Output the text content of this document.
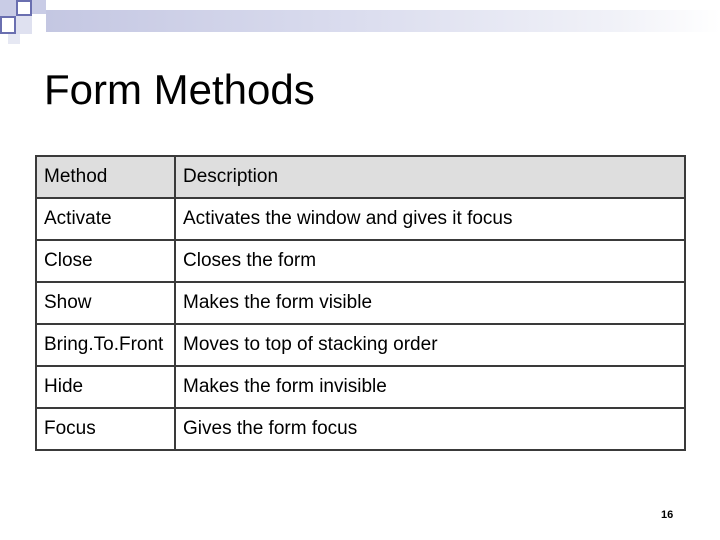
Form Methods
Method	Description
Activate	Activates the window and gives it focus
Close	Closes the form
Show	Makes the form visible
Bring.To.Front	Moves to top of stacking order
Hide	Makes the form invisible
Focus	Gives the form focus
16
